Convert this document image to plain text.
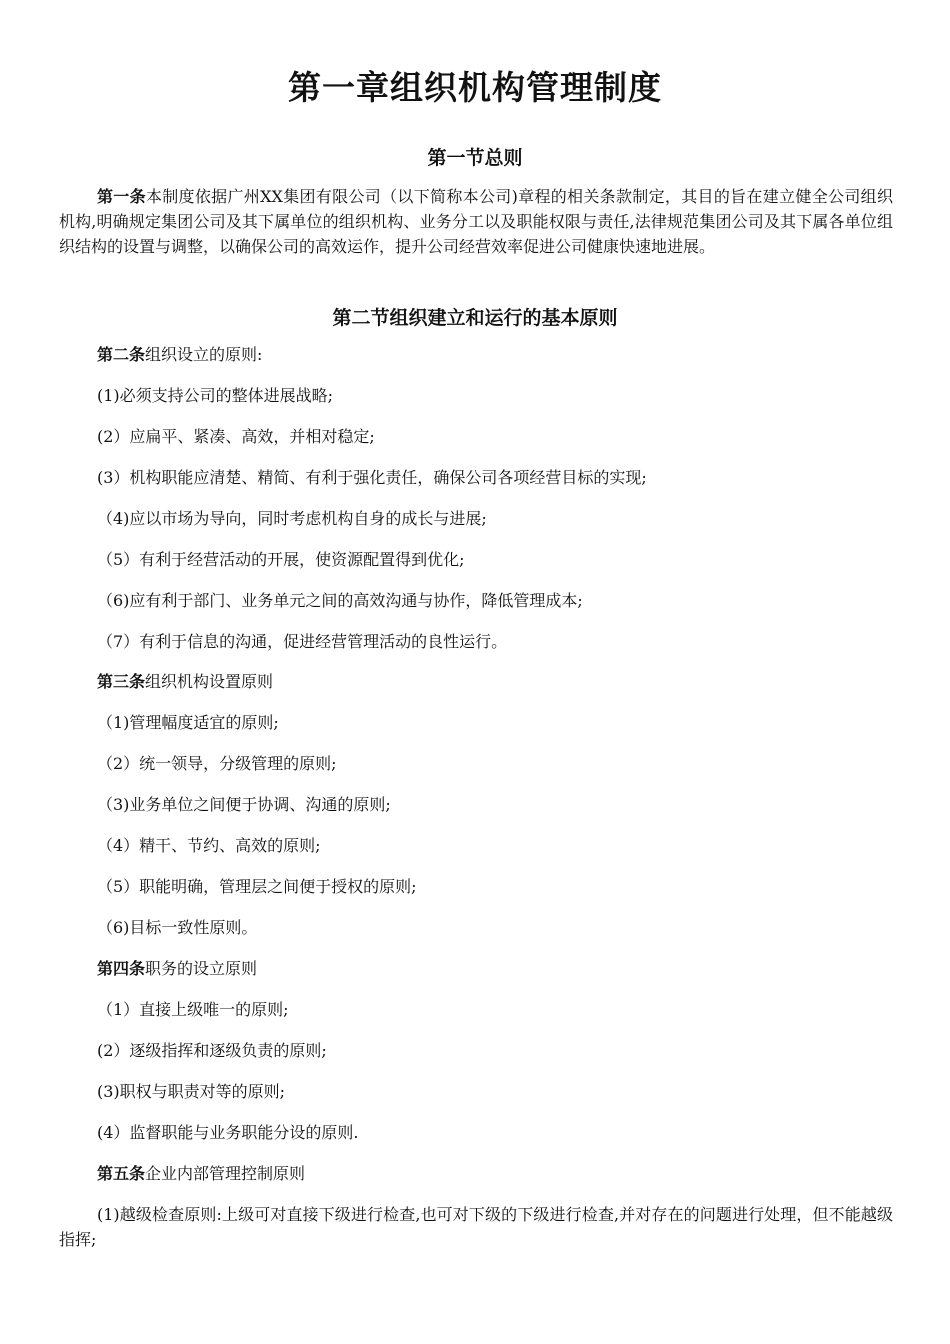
第一章组织机构管理制度
第一节总则
第一条本制度依据广州XX集团有限公司（以下简称本公司)章程的相关条款制定，其目的旨在建立健全公司组织机构,明确规定集团公司及其下属单位的组织机构、业务分工以及职能权限与责任,法律规范集团公司及其下属各单位组织结构的设置与调整，以确保公司的高效运作，提升公司经营效率促进公司健康快速地进展。
第二节组织建立和运行的基本原则
第二条组织设立的原则:
(1)必须支持公司的整体进展战略;
(2）应扁平、紧凑、高效，并相对稳定;
(3）机构职能应清楚、精简、有利于强化责任，确保公司各项经营目标的实现;
（4)应以市场为导向，同时考虑机构自身的成长与进展;
（5）有利于经营活动的开展，使资源配置得到优化;
（6)应有利于部门、业务单元之间的高效沟通与协作，降低管理成本;
（7）有利于信息的沟通，促进经营管理活动的良性运行。
第三条组织机构设置原则
（1)管理幅度适宜的原则;
（2）统一领导，分级管理的原则;
（3)业务单位之间便于协调、沟通的原则;
（4）精干、节约、高效的原则;
（5）职能明确，管理层之间便于授权的原则;
（6)目标一致性原则。
第四条职务的设立原则
（1）直接上级唯一的原则;
(2）逐级指挥和逐级负责的原则;
(3)职权与职责对等的原则;
(4）监督职能与业务职能分设的原则.
第五条企业内部管理控制原则
(1)越级检查原则:上级可对直接下级进行检查,也可对下级的下级进行检查,并对存在的问题进行处理，但不能越级指挥;
